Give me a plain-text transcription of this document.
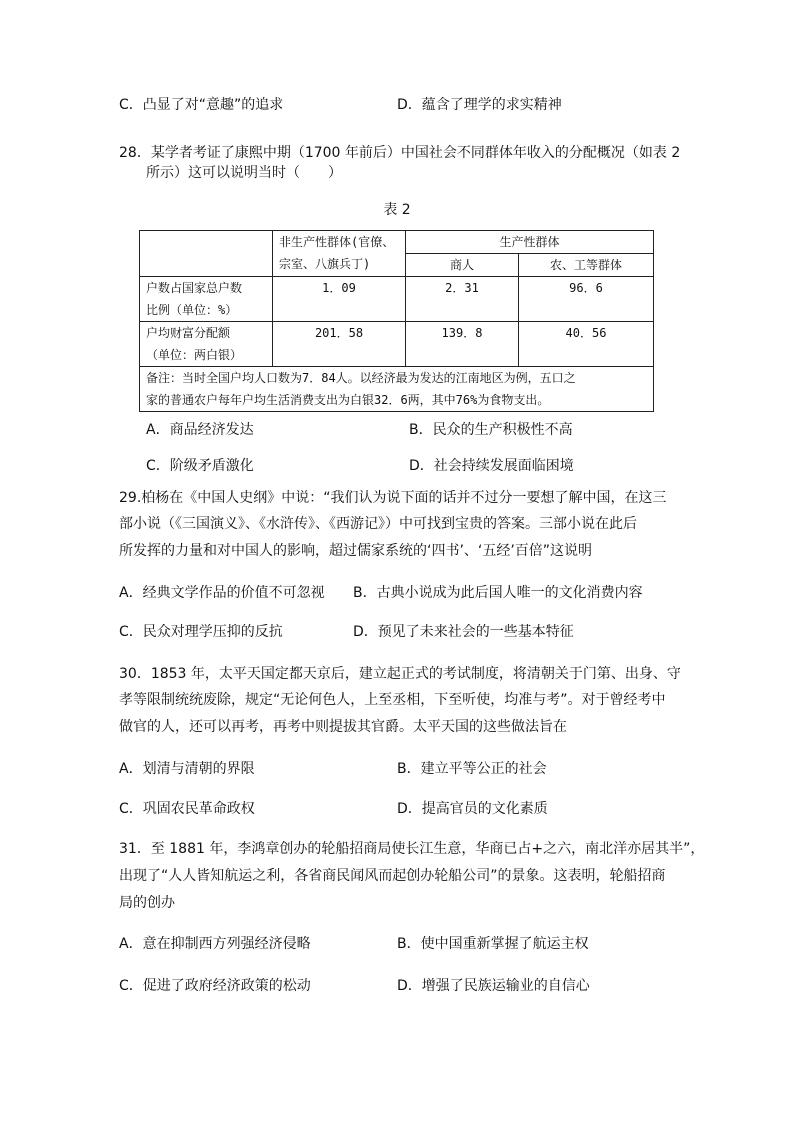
C．凸显了对“意趣”的追求	D．蕴含了理学的求实精神
28．某学者考证了康熙中期（1700 年前后）中国社会不同群体年收入的分配概况（如表 2
所示）这可以说明当时（　　）
表 2

	非生产性群体(官僚、
宗室、八旗兵丁)	生产性群体	
		商人	农、工等群体

户数占国家总户数
比例（单位：%）	1．09	2．31	96．6

户均财富分配额
（单位：两白银）	201．58	139．8	40．56

备注：当时全国户均人口数为7．84人。以经济最为发达的江南地区为例，五口之
家的普通农户每年户均生活消费支出为白银32．6两，其中76%为食物支出。			
A．商品经济发达	B．民众的生产积极性不高
C．阶级矛盾激化	D．社会持续发展面临困境
29.柏杨在《中国人史纲》中说：“我们认为说下面的话并不过分一要想了解中国，在这三
部小说（《三国演义》、《水浒传》、《西游记》）中可找到宝贵的答案。三部小说在此后
所发挥的力量和对中国人的影响，超过儒家系统的‘四书’、‘五经’百倍”这说明
A．经典文学作品的价值不可忽视 B．古典小说成为此后国人唯一的文化消费内容
C．民众对理学压抑的反抗	D．预见了未来社会的一些基本特征
30．1853 年，太平天国定都天京后，建立起正式的考试制度，将清朝关于门第、出身、守
孝等限制统统废除，规定“无论何色人，上至丞相，下至听使，均准与考”。对于曾经考中
做官的人，还可以再考，再考中则提拔其官爵。太平天国的这些做法旨在
A．划清与清朝的界限	B．建立平等公正的社会
C．巩固农民革命政权	D．提高官员的文化素质
31．至 1881 年，李鸿章创办的轮船招商局使长江生意，华商已占+之六，南北洋亦居其半”，
出现了“人人皆知航运之利，各省商民闻风而起创办轮船公司”的景象。这表明，轮船招商
局的创办
A．意在抑制西方列强经济侵略	B．使中国重新掌握了航运主权
C．促进了政府经济政策的松动	D．增强了民族运输业的自信心
